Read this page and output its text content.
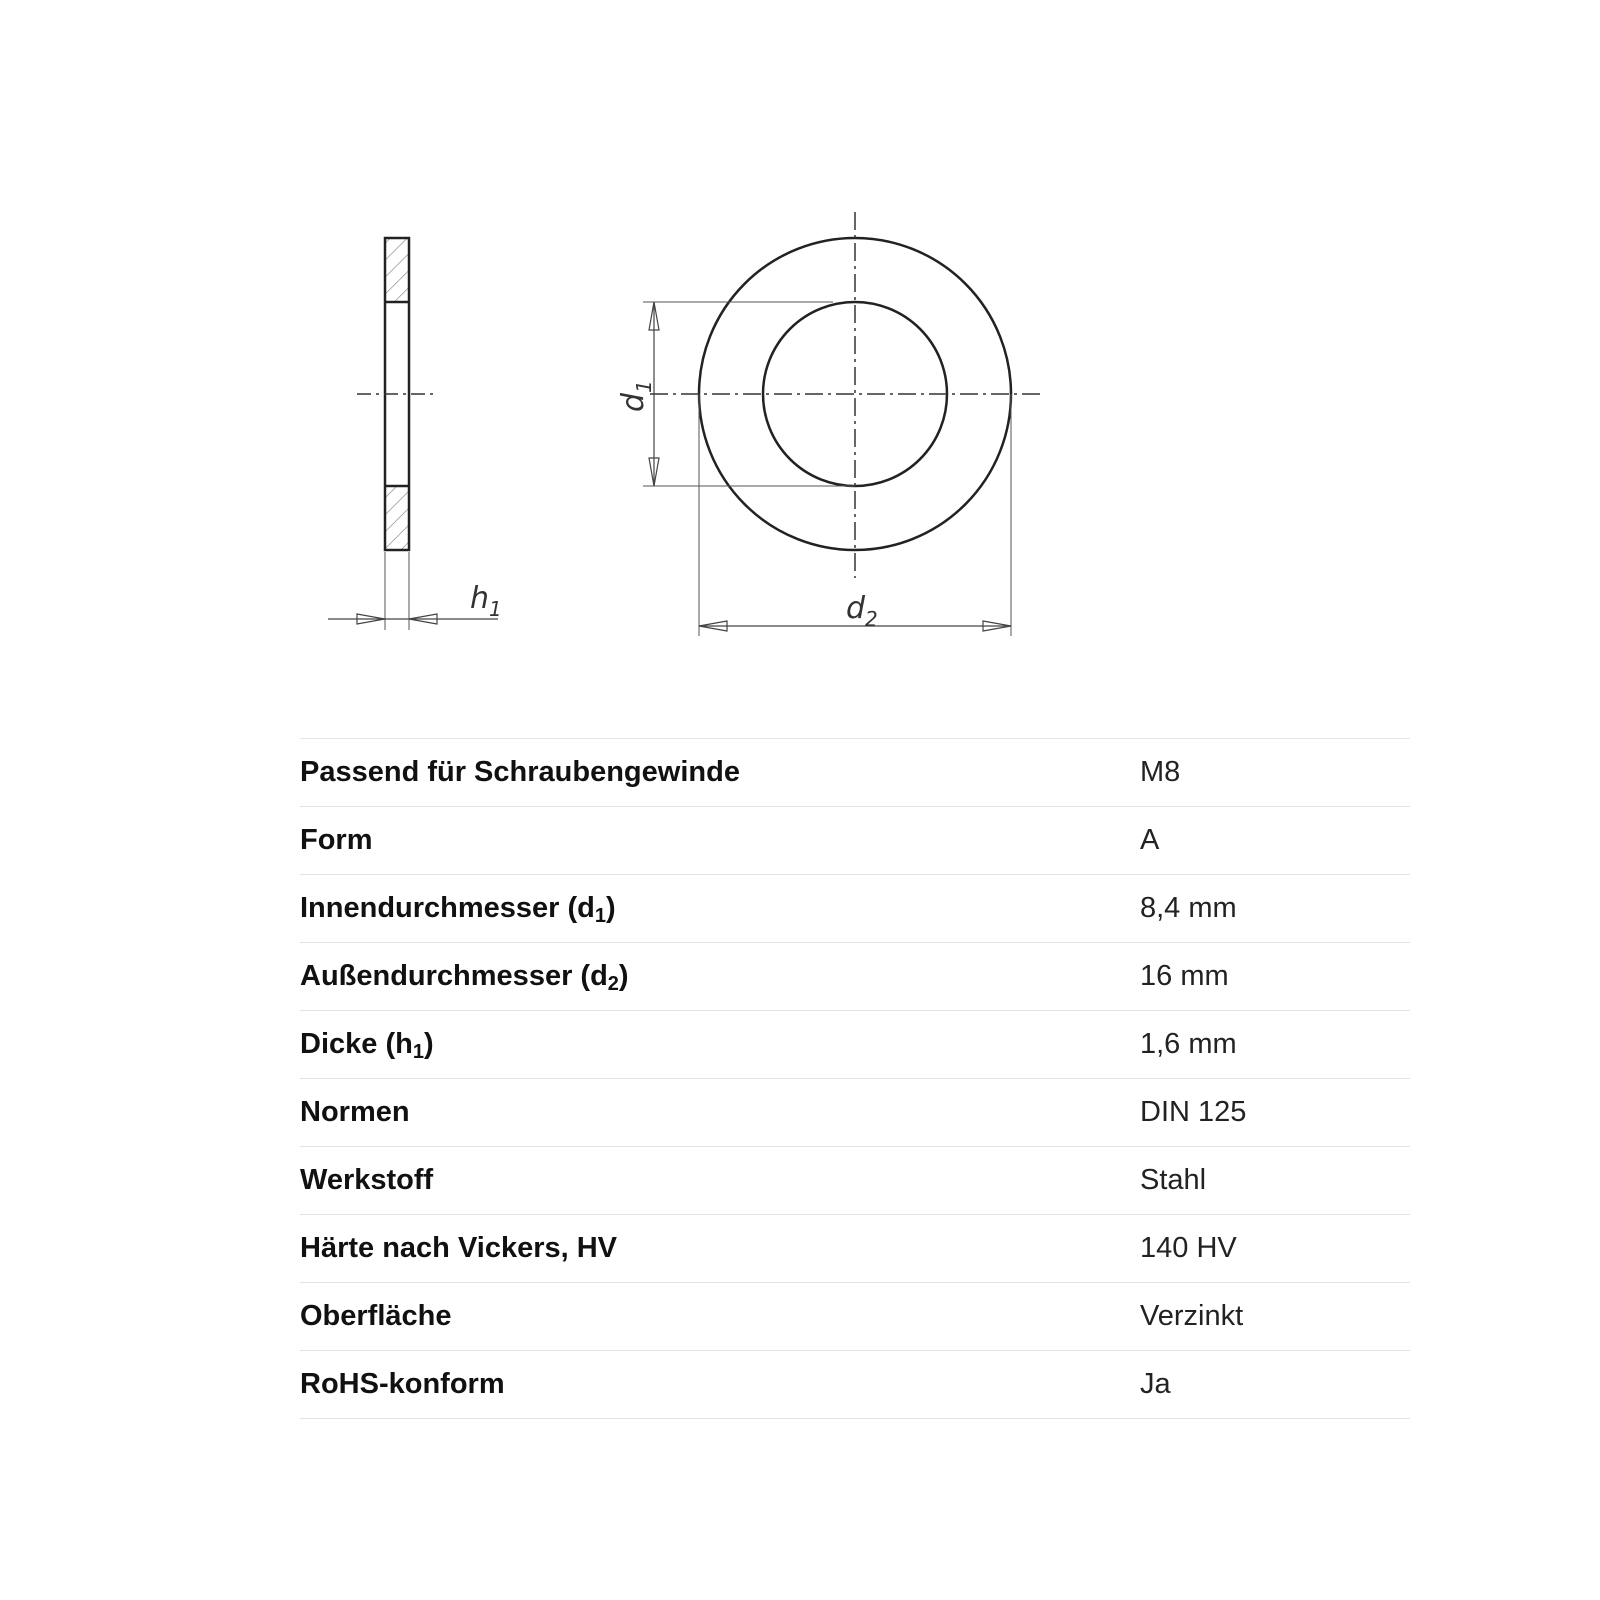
$h_1$
$d_1$
$d_2$
Passend für Schraubengewinde	M8
Form	A
Innendurchmesser $(d_1)$	8,4 mm
Außendurchmesser $(d_2)$	16 mm
Dicke $(h_1)$	1,6 mm
Normen	DIN 125
Werkstoff	Stahl
Härte nach Vickers, HV	140 HV
Oberfläche	Verzinkt
RoHS-konform	Ja
